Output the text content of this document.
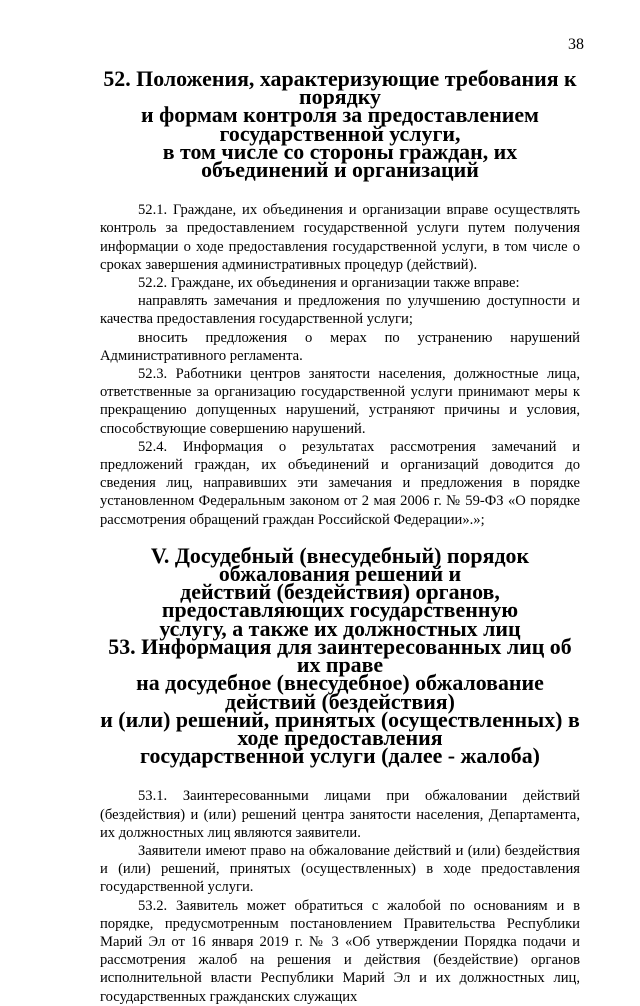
38
52. Положения, характеризующие требования к порядку
и формам контроля за предоставлением государственной услуги,
в том числе со стороны граждан, их объединений и организаций

52.1. Граждане, их объединения и организации вправе осуществлять контроль за предоставлением государственной услуги путем получения информации о ходе предоставления государственной услуги, в том числе о сроках завершения административных процедур (действий).

52.2. Граждане, их объединения и организации также вправе:

направлять замечания и предложения по улучшению доступности и качества предоставления государственной услуги;

вносить предложения о мерах по устранению нарушений Административного регламента.

52.3. Работники центров занятости населения, должностные лица, ответственные за организацию государственной услуги принимают меры к прекращению допущенных нарушений, устраняют причины и условия, способствующие совершению нарушений.

52.4. Информация о результатах рассмотрения замечаний и предложений граждан, их объединений и организаций доводится до сведения лиц, направивших эти замечания и предложения в порядке установленном Федеральным законом от 2 мая 2006 г. № 59-ФЗ «О порядке рассмотрения обращений граждан Российской Федерации».»;

V. Досудебный (внесудебный) порядок обжалования решений и
действий (бездействия) органов, предоставляющих государственную
услугу, а также их должностных лиц
53. Информация для заинтересованных лиц об их праве
на досудебное (внесудебное) обжалование действий (бездействия)
и (или) решений, принятых (осуществленных) в ходе предоставления
государственной услуги (далее - жалоба)

53.1. Заинтересованными лицами при обжаловании действий (бездействия) и (или) решений центра занятости населения, Департамента, их должностных лиц являются заявители.

Заявители имеют право на обжалование действий и (или) бездействия и (или) решений, принятых (осуществленных) в ходе предоставления государственной услуги.

53.2. Заявитель может обратиться с жалобой по основаниям и в порядке, предусмотренным постановлением Правительства Республики Марий Эл от 16 января 2019 г. № 3 «Об утверждении Порядка подачи и рассмотрения жалоб на решения и действия (бездействие) органов исполнительной власти Республики Марий Эл и их должностных лиц, государственных гражданских служащих
